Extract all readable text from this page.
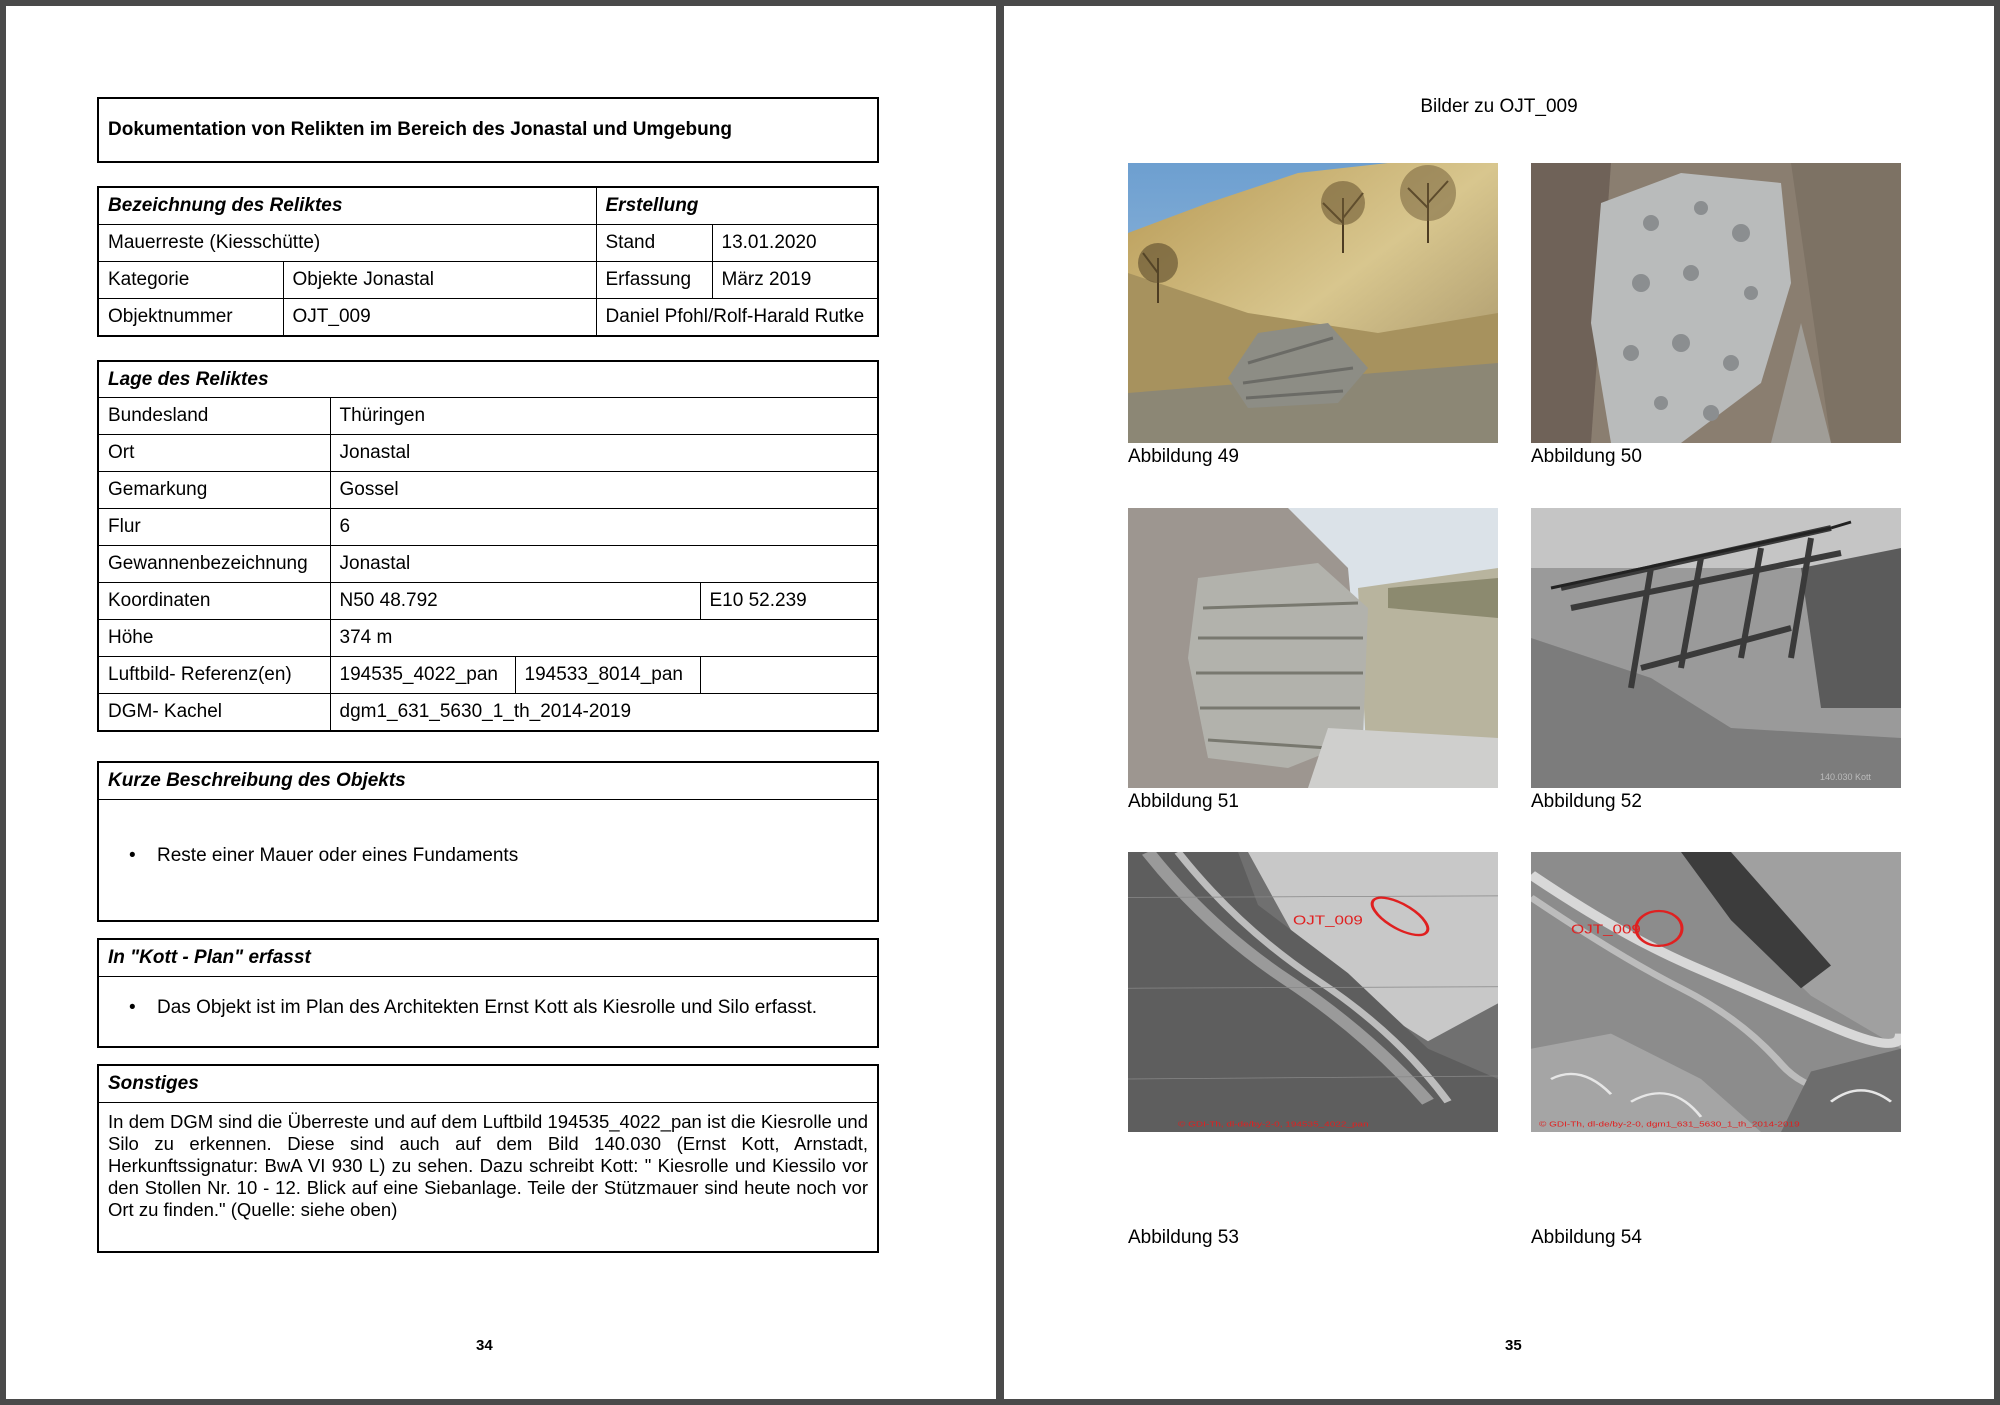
Dokumentation von Relikten im Bereich des Jonastal und Umgebung
Bezeichnung des Reliktes		Erstellung	
Mauerreste (Kiesschütte)		Stand	13.01.2020
Kategorie	Objekte Jonastal	Erfassung	März 2019
Objektnummer	OJT_009	Daniel Pfohl/Rolf-Harald Rutke	
Lage des Reliktes			
Bundesland	Thüringen		
Ort	Jonastal		
Gemarkung	Gossel		
Flur	6		
Gewannenbezeichnung	Jonastal		
Koordinaten	N50 48.792		E10 52.239
Höhe	374 m		
Luftbild- Referenz(en)	194535_4022_pan	194533_8014_pan	
DGM- Kachel	dgm1_631_5630_1_th_2014-2019		
Kurze Beschreibung des Objekts
• Reste einer Mauer oder eines Fundaments
In "Kott - Plan" erfasst
• Das Objekt ist im Plan des Architekten Ernst Kott als Kiesrolle und Silo erfasst.
Sonstiges
In dem DGM sind die Überreste und auf dem Luftbild 194535_4022_pan ist die Kiesrolle und Silo zu erkennen. Diese sind auch auf dem Bild 140.030 (Ernst Kott, Arnstadt, Herkunftssignatur: BwA VI 930 L) zu sehen. Dazu schreibt Kott: " Kiesrolle und Kiessilo vor den Stollen Nr. 10 - 12. Blick auf eine Siebanlage. Teile der Stützmauer sind heute noch vor Ort zu finden." (Quelle: siehe oben)
34
Bilder zu OJT_009
Abbildung 49	Abbildung 50
Abbildung 51
140.030 Kott
Abbildung 52
OJT_009
© GDI-Th, dl-de/by-2-0, 194535_4022_pan
Abbildung 53
OJT_009
© GDI-Th, dl-de/by-2-0, dgm1_631_5630_1_th_2014-2019
Abbildung 54
35
